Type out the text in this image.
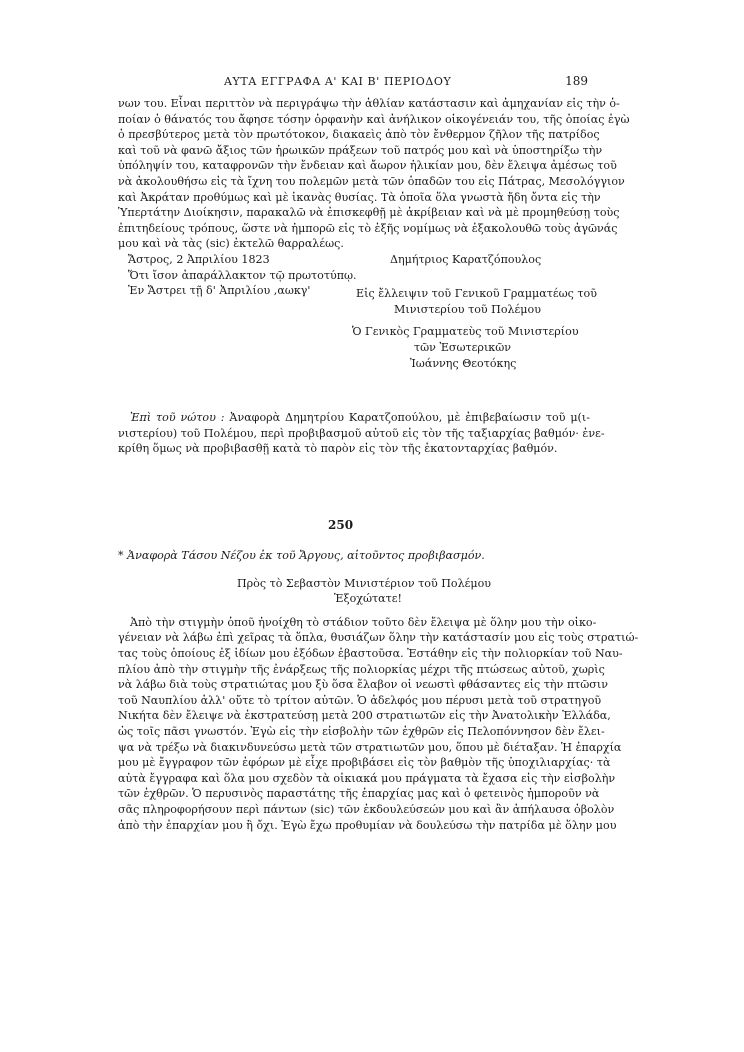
ΑΥΤΑ ΕΓΓΡΑΦΑ Α' ΚΑΙ Β' ΠΕΡΙΟΔΟΥ	189

νων του. Εἶναι περιττὸν νὰ περιγράψω τὴν ἀθλίαν κατάστασιν καὶ ἀμηχανίαν εἰς τὴν ὁ-
ποίαν ὁ θάνατός του ἄφησε τόσην ὀρφανὴν καὶ ἀνήλικον οἰκογένειάν του, τῆς ὁποίας ἐγὼ
ὁ πρεσβύτερος μετὰ τὸν πρωτότοκον, διακαεὶς ἀπὸ τὸν ἔνθερμον ζῆλον τῆς πατρίδος
καὶ τοῦ νὰ φανῶ ἄξιος τῶν ἡρωικῶν πράξεων τοῦ πατρός μου καὶ νὰ ὑποστηρίξω τὴν
ὑπόληψίν του, καταφρονῶν τὴν ἔνδειαν καὶ ἄωρον ἡλικίαν μου, δὲν ἔλειψα ἀμέσως τοῦ
νὰ ἀκολουθήσω εἰς τὰ ἴχνη του πολεμῶν μετὰ τῶν ὁπαδῶν του εἰς Πάτρας, Μεσολόγγιον
καὶ Ἀκράταν προθύμως καὶ μὲ ἱκανὰς θυσίας. Τὰ ὁποῖα ὅλα γνωστὰ ἤδη ὄντα εἰς τὴν
Ὑπερτάτην Διοίκησιν, παρακαλῶ νὰ ἐπισκεφθῇ μὲ ἀκρίβειαν καὶ νὰ μὲ προμηθεύσῃ τοὺς
ἐπιτηδείους τρόπους, ὥστε νὰ ἠμπορῶ εἰς τὸ ἑξῆς νομίμως νὰ ἐξακολουθῶ τοὺς ἀγῶνάς
μου καὶ νὰ τὰς (sic) ἐκτελῶ θαρραλέως.

Ἄστρος, 2 Ἀπριλίου 1823
Ὅτι ἴσον ἀπαράλλακτον τῷ πρωτοτύπῳ.
Ἐν Ἄστρει τῇ δ' Ἀπριλίου ,αωκγ'
Δημήτριος Καρατζόπουλος
Εἰς ἔλλειψιν τοῦ Γενικοῦ Γραμματέως τοῦ
Μινιστερίου τοῦ Πολέμου
Ὁ Γενικὸς Γραμματεὺς τοῦ Μινιστερίου
τῶν Ἐσωτερικῶν
Ἰωάννης Θεοτόκης

Ἐπὶ τοῦ νώτου : Ἀναφορὰ Δημητρίου Καρατζοπούλου, μὲ ἐπιβεβαίωσιν τοῦ μ(ι-
νιστερίου) τοῦ Πολέμου, περὶ προβιβασμοῦ αὐτοῦ εἰς τὸν τῆς ταξιαρχίας βαθμόν· ἐνε-
κρίθη ὅμως νὰ προβιβασθῇ κατὰ τὸ παρὸν εἰς τὸν τῆς ἑκατονταρχίας βαθμόν.

250
* Ἀναφορὰ Τάσου Νέζου ἐκ τοῦ Ἄργους, αἰτοῦντος προβιβασμόν.
Πρὸς τὸ Σεβαστὸν Μινιστέριον τοῦ Πολέμου
Ἐξοχώτατε!

Ἀπὸ τὴν στιγμὴν ὁποῦ ἠνοίχθη τὸ στάδιον τοῦτο δὲν ἔλειψα μὲ ὅλην μου τὴν οἰκο-
γένειαν νὰ λάβω ἐπὶ χεῖρας τὰ ὅπλα, θυσιάζων ὅλην τὴν κατάστασίν μου εἰς τοὺς στρατιώ-
τας τοὺς ὁποίους ἐξ ἰδίων μου ἐξόδων ἐβαστοῦσα. Ἐστάθην εἰς τὴν πολιορκίαν τοῦ Ναυ-
πλίου ἀπὸ τὴν στιγμὴν τῆς ἐνάρξεως τῆς πολιορκίας μέχρι τῆς πτώσεως αὐτοῦ, χωρὶς
νὰ λάβω διὰ τοὺς στρατιώτας μου ξὺ ὅσα ἔλαβον οἱ νεωστὶ φθάσαντες εἰς τὴν πτῶσιν
τοῦ Ναυπλίου ἀλλ' οὔτε τὸ τρίτον αὐτῶν. Ὁ ἀδελφός μου πέρυσι μετὰ τοῦ στρατηγοῦ
Νικήτα δὲν ἔλειψε νὰ ἐκστρατεύσῃ μετὰ 200 στρατιωτῶν εἰς τὴν Ἀνατολικὴν Ἑλλάδα,
ὡς τοῖς πᾶσι γνωστόν. Ἐγὼ εἰς τὴν εἰσβολὴν τῶν ἐχθρῶν εἰς Πελοπόννησον δὲν ἔλει-
ψα νὰ τρέξω νὰ διακινδυνεύσω μετὰ τῶν στρατιωτῶν μου, ὅπου μὲ διέταξαν. Ἡ ἐπαρχία
μου μὲ ἔγγραφον τῶν ἐφόρων μὲ εἶχε προβιβάσει εἰς τὸν βαθμὸν τῆς ὑποχιλιαρχίας· τὰ
αὐτὰ ἔγγραφα καὶ ὅλα μου σχεδὸν τὰ οἰκιακά μου πράγματα τὰ ἔχασα εἰς τὴν εἰσβολὴν
τῶν ἐχθρῶν. Ὁ περυσινὸς παραστάτης τῆς ἐπαρχίας μας καὶ ὁ φετεινὸς ἠμποροῦν νὰ
σᾶς πληροφορήσουν περὶ πάντων (sic) τῶν ἐκδουλεύσεών μου καὶ ἂν ἀπήλαυσα ὀβολὸν
ἀπὸ τὴν ἐπαρχίαν μου ἢ ὄχι. Ἐγὼ ἔχω προθυμίαν νὰ δουλεύσω τὴν πατρίδα μὲ ὅλην μου
